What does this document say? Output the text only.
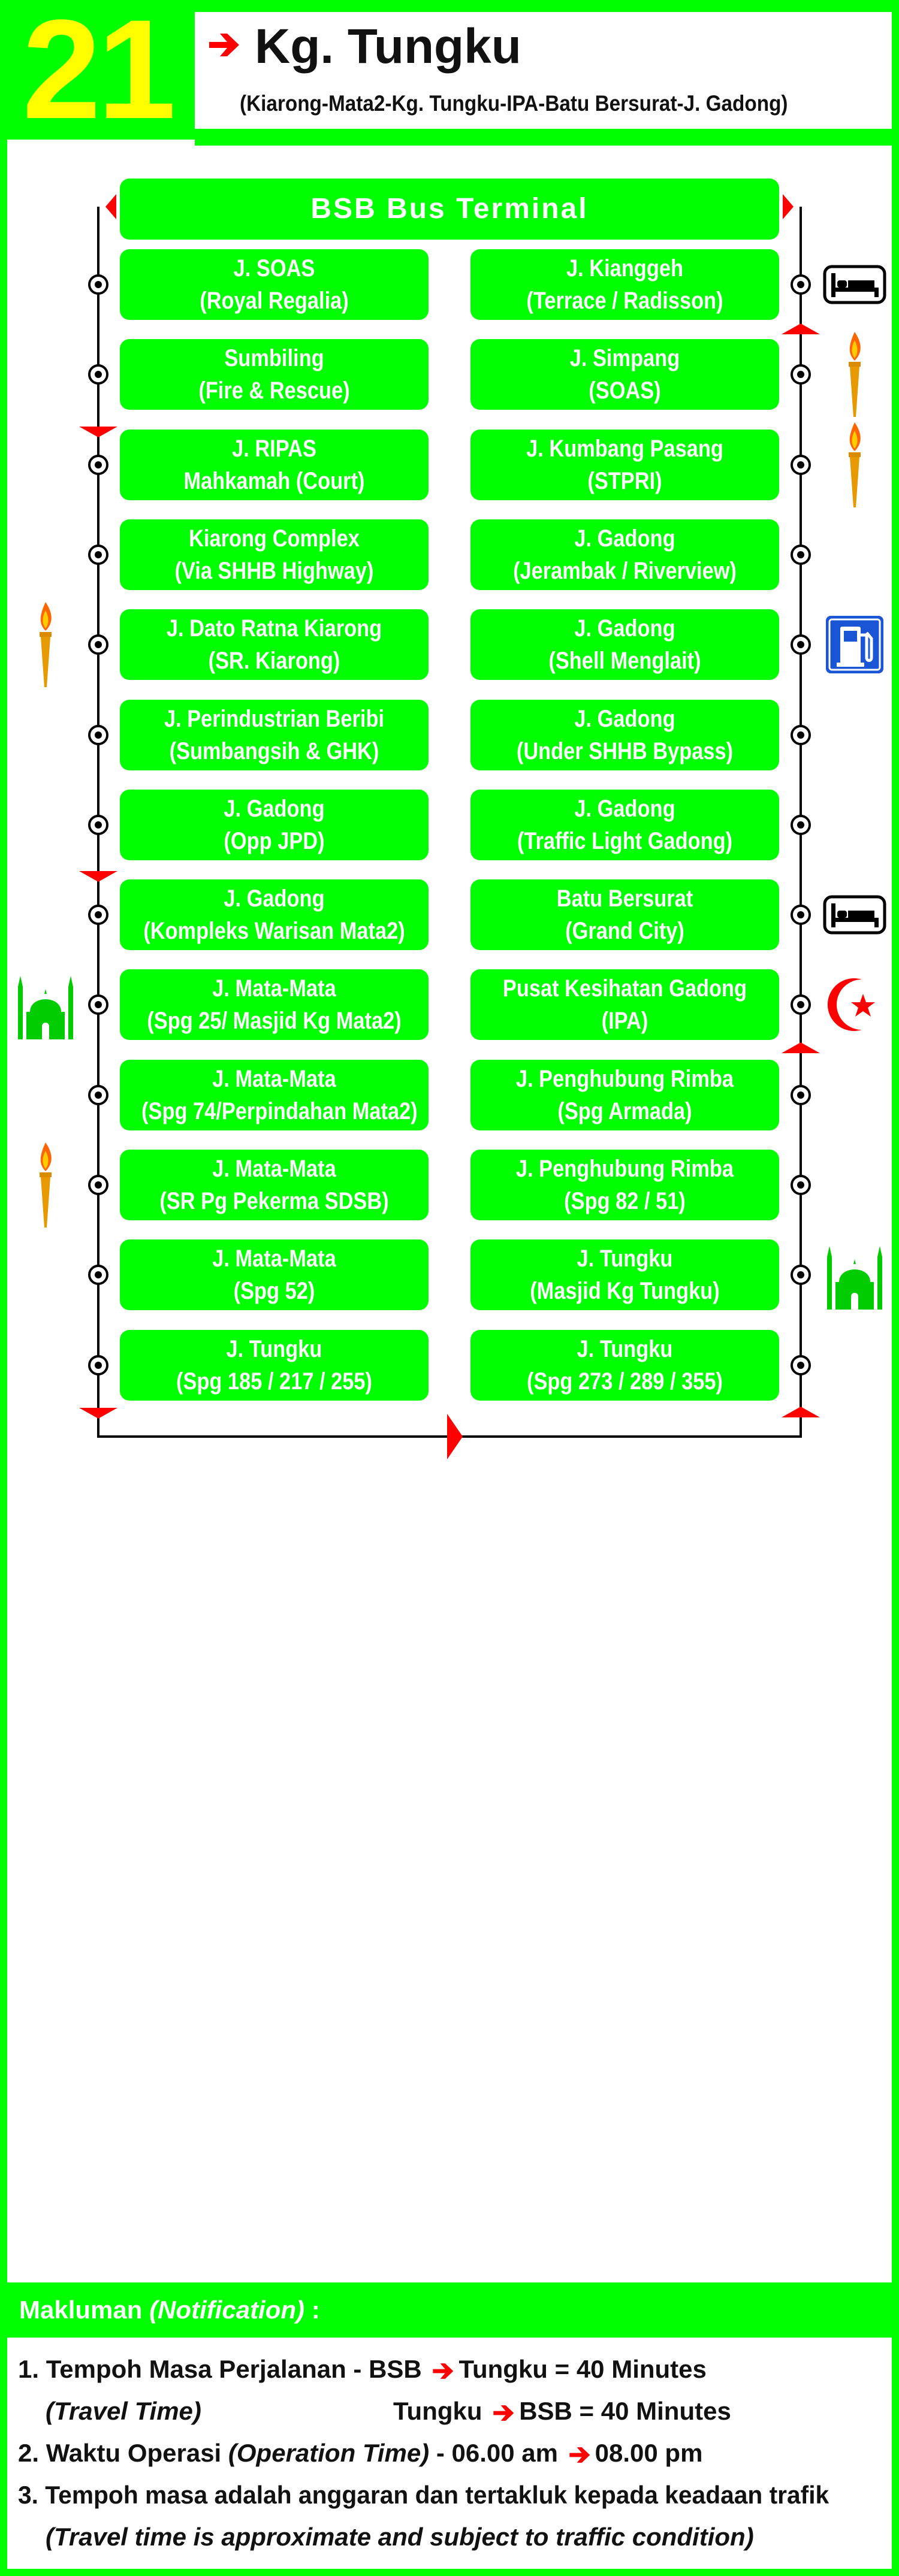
21	Kg. Tungku
(Kiarong-Mata2-Kg. Tungku-IPA-Batu Bersurat-J. Gadong)
BSB Bus Terminal
J. SOAS
(Royal Regalia)
Sumbiling
(Fire & Rescue)
J. RIPAS
Mahkamah (Court)
Kiarong Complex
(Via SHHB Highway)
J. Dato Ratna Kiarong
(SR. Kiarong)
J. Perindustrian Beribi
(Sumbangsih & GHK)
J. Gadong
(Opp JPD)
J. Gadong
(Kompleks Warisan Mata2)
J. Mata-Mata
(Spg 25/ Masjid Kg Mata2)
J. Mata-Mata
(Spg 74/Perpindahan Mata2)
J. Mata-Mata
(SR Pg Pekerma SDSB)
J. Mata-Mata
(Spg 52)
J. Tungku
(Spg 185 / 217 / 255)
J. Kianggeh
(Terrace / Radisson)
J. Simpang
(SOAS)
J. Kumbang Pasang
(STPRI)
J. Gadong
(Jerambak / Riverview)
J. Gadong
(Shell Menglait)
J. Gadong
(Under SHHB Bypass)
J. Gadong
(Traffic Light Gadong)
Batu Bersurat
(Grand City)
Pusat Kesihatan Gadong
(IPA)
J. Penghubung Rimba
(Spg Armada)
J. Penghubung Rimba
(Spg 82 / 51)
J. Tungku
(Masjid Kg Tungku)
J. Tungku
(Spg 273 / 289 / 355)
Makluman (Notification) :
1. Tempoh Masa Perjalanan - BSB Tungku = 40 Minutes
(Travel Time)	Tungku BSB = 40 Minutes
2. Waktu Operasi (Operation Time) - 06.00 am 08.00 pm
3. Tempoh masa adalah anggaran dan tertakluk kepada keadaan trafik
(Travel time is approximate and subject to traffic condition)
